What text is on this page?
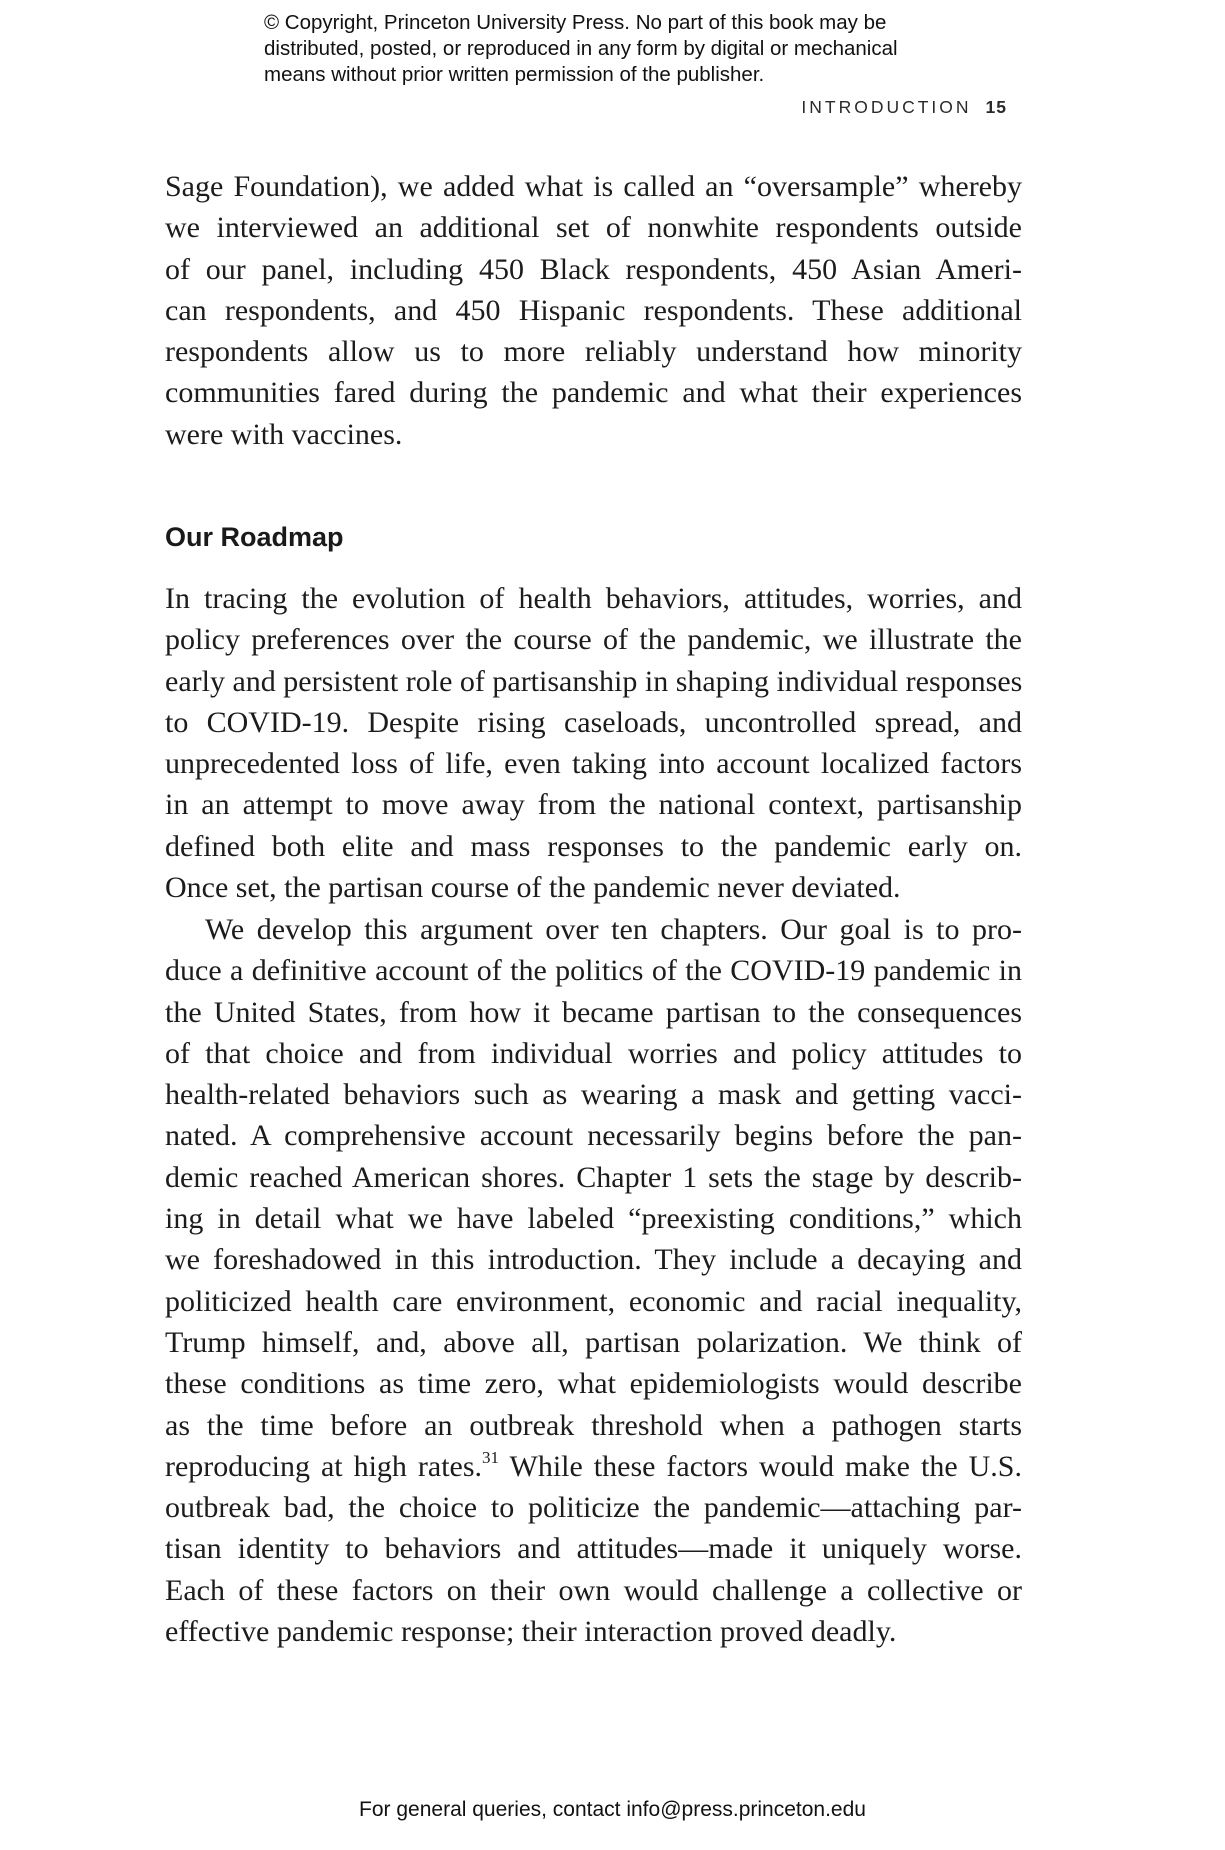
© Copyright, Princeton University Press. No part of this book may be
distributed, posted, or reproduced in any form by digital or mechanical
means without prior written permission of the publisher.
INTRODUCTION 15
Sage Foundation), we added what is called an “oversample” whereby
we interviewed an additional set of nonwhite respondents outside
of our panel, including 450 Black respondents, 450 Asian Ameri-
can respondents, and 450 Hispanic respondents. These additional
respondents allow us to more reliably understand how minority
communities fared during the pandemic and what their experiences
were with vaccines.
Our Roadmap
In tracing the evolution of health behaviors, attitudes, worries, and
policy preferences over the course of the pandemic, we illustrate the
early and persistent role of partisanship in shaping individual responses
to COVID-19. Despite rising caseloads, uncontrolled spread, and
unprecedented loss of life, even taking into account localized factors
in an attempt to move away from the national context, partisanship
defined both elite and mass responses to the pandemic early on.
Once set, the partisan course of the pandemic never deviated.
We develop this argument over ten chapters. Our goal is to pro-
duce a definitive account of the politics of the COVID-19 pandemic in
the United States, from how it became partisan to the consequences
of that choice and from individual worries and policy attitudes to
health-related behaviors such as wearing a mask and getting vacci-
nated. A comprehensive account necessarily begins before the pan-
demic reached American shores. Chapter 1 sets the stage by describ-
ing in detail what we have labeled “preexisting conditions,” which
we foreshadowed in this introduction. They include a decaying and
politicized health care environment, economic and racial inequality,
Trump himself, and, above all, partisan polarization. We think of
these conditions as time zero, what epidemiologists would describe
as the time before an outbreak threshold when a pathogen starts
reproducing at high rates.$^{31}$ While these factors would make the U.S.
outbreak bad, the choice to politicize the pandemic—attaching par-
tisan identity to behaviors and attitudes—made it uniquely worse.
Each of these factors on their own would challenge a collective or
effective pandemic response; their interaction proved deadly.
For general queries, contact info@press.princeton.edu
